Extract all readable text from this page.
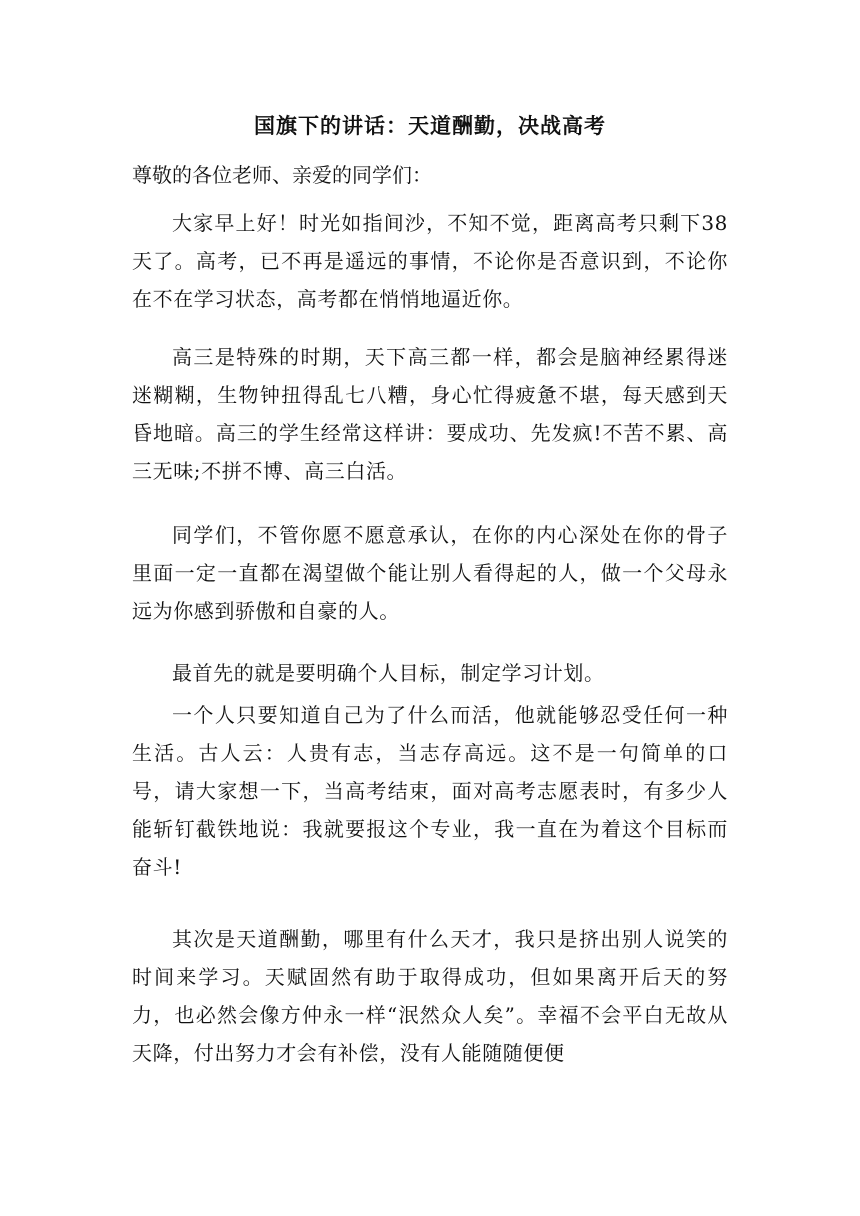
国旗下的讲话：天道酬勤，决战高考
尊敬的各位老师、亲爱的同学们：

大家早上好！时光如指间沙，不知不觉，距离高考只剩下38天了。高考，已不再是遥远的事情，不论你是否意识到，不论你在不在学习状态，高考都在悄悄地逼近你。

高三是特殊的时期，天下高三都一样，都会是脑神经累得迷迷糊糊，生物钟扭得乱七八糟，身心忙得疲惫不堪，每天感到天昏地暗。高三的学生经常这样讲：要成功、先发疯!不苦不累、高三无味;不拼不博、高三白活。

同学们，不管你愿不愿意承认，在你的内心深处在你的骨子里面一定一直都在渴望做个能让别人看得起的人，做一个父母永远为你感到骄傲和自豪的人。

最首先的就是要明确个人目标，制定学习计划。

一个人只要知道自己为了什么而活，他就能够忍受任何一种生活。古人云：人贵有志，当志存高远。这不是一句简单的口号，请大家想一下，当高考结束，面对高考志愿表时，有多少人能斩钉截铁地说：我就要报这个专业，我一直在为着这个目标而奋斗!

其次是天道酬勤，哪里有什么天才，我只是挤出别人说笑的时间来学习。天赋固然有助于取得成功，但如果离开后天的努力，也必然会像方仲永一样“泯然众人矣”。幸福不会平白无故从天降，付出努力才会有补偿，没有人能随随便便
